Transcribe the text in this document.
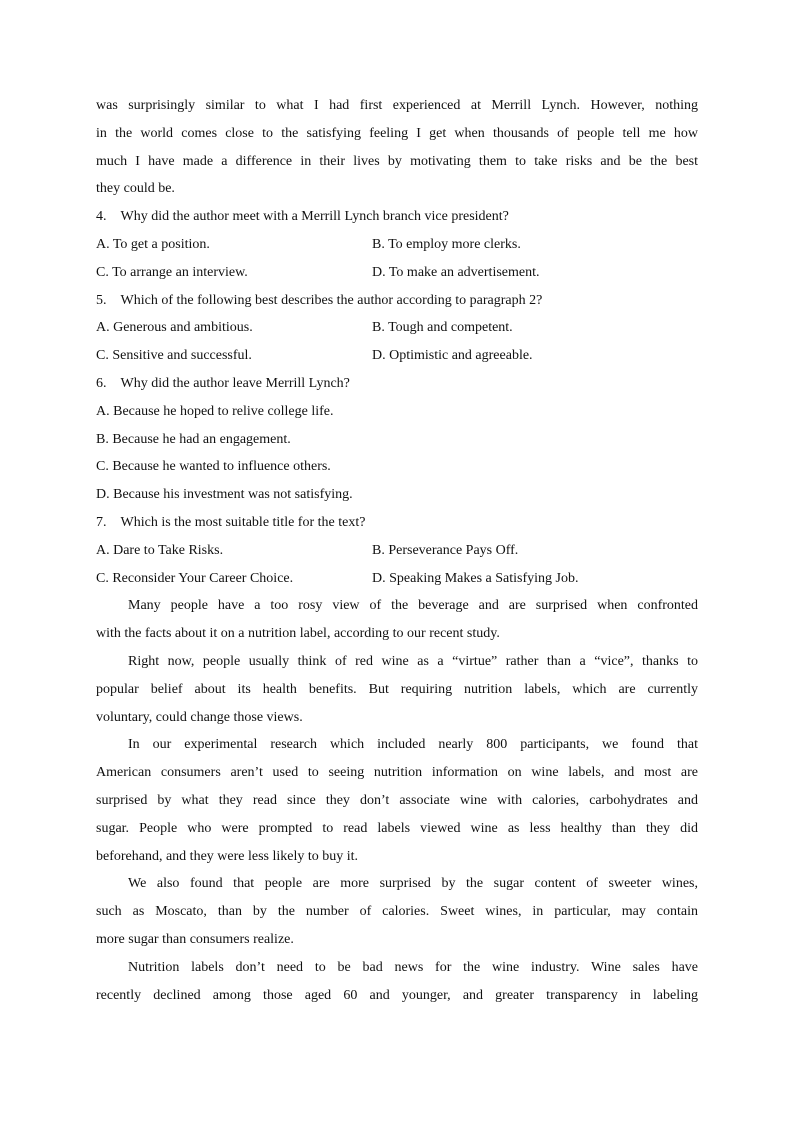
was surprisingly similar to what I had first experienced at Merrill Lynch. However, nothing

in the world comes close to the satisfying feeling I get when thousands of people tell me how

much I have made a difference in their lives by motivating them to take risks and be the best

they could be.

4.　Why did the author meet with a Merrill Lynch branch vice president?

A. To get a position.	B. To employ more clerks.
C. To arrange an interview.	D. To make an advertisement.

5.　Which of the following best describes the author according to paragraph 2?

A. Generous and ambitious.	B. Tough and competent.
C. Sensitive and successful.	D. Optimistic and agreeable.

6.　Why did the author leave Merrill Lynch?

A. Because he hoped to relive college life.

B. Because he had an engagement.

C. Because he wanted to influence others.

D. Because his investment was not satisfying.

7.　Which is the most suitable title for the text?

A. Dare to Take Risks.	B. Perseverance Pays Off.
C. Reconsider Your Career Choice.	D. Speaking Makes a Satisfying Job.

Many people have a too rosy view of the beverage and are surprised when confronted

with the facts about it on a nutrition label, according to our recent study.

Right now, people usually think of red wine as a “virtue” rather than a “vice”, thanks to

popular belief about its health benefits. But requiring nutrition labels, which are currently

voluntary, could change those views.

In our experimental research which included nearly 800 participants, we found that

American consumers aren’t used to seeing nutrition information on wine labels, and most are

surprised by what they read since they don’t associate wine with calories, carbohydrates and

sugar. People who were prompted to read labels viewed wine as less healthy than they did

beforehand, and they were less likely to buy it.

We also found that people are more surprised by the sugar content of sweeter wines,

such as Moscato, than by the number of calories. Sweet wines, in particular, may contain

more sugar than consumers realize.

Nutrition labels don’t need to be bad news for the wine industry. Wine sales have

recently declined among those aged 60 and younger, and greater transparency in labeling
